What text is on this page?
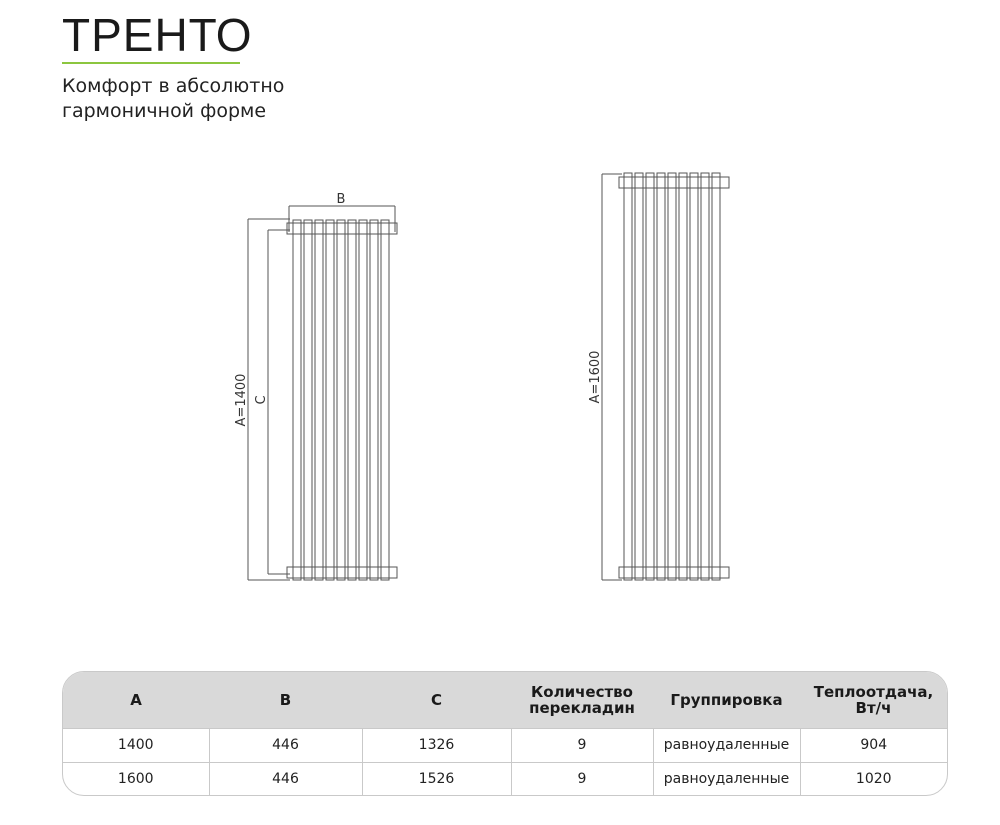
ТРЕНТО
Комфорт в абсолютно гармоничной форме
B
A=1400 C	A=1600
A	B	C	Количество перекладин	Группировка	Теплоотдача, Вт/ч
1400	446	1326	9	равноудаленные	904
1600	446	1526	9	равноудаленные	1020
